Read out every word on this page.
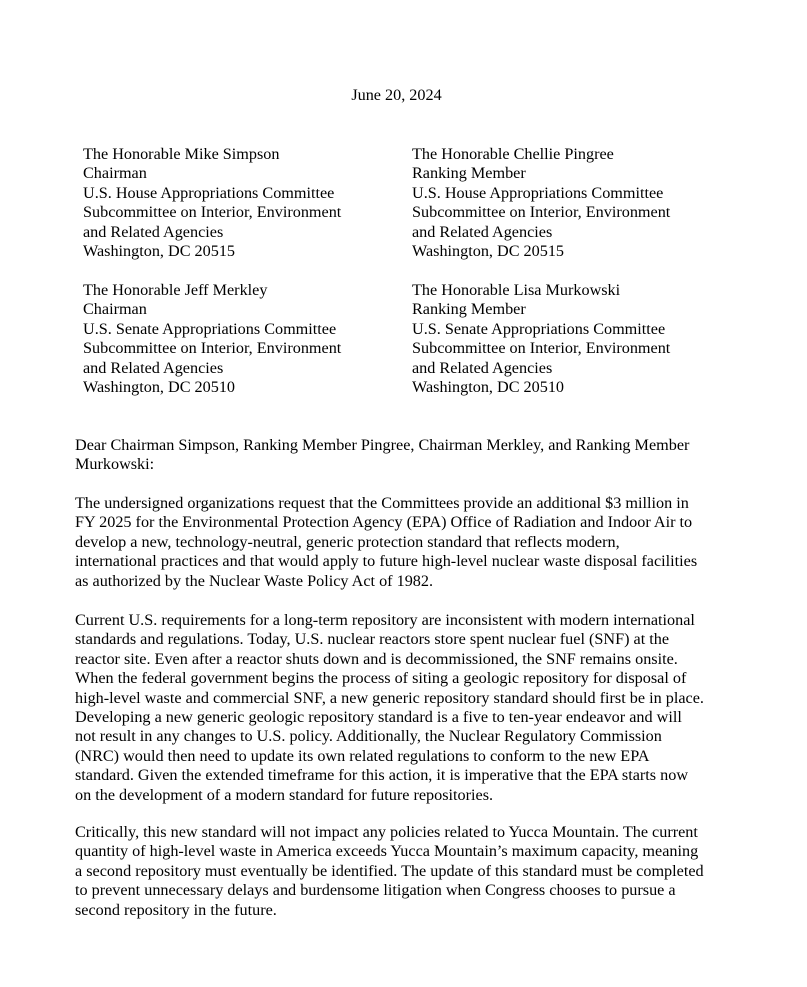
June 20, 2024
The Honorable Mike Simpson
Chairman
U.S. House Appropriations Committee
Subcommittee on Interior, Environment
and Related Agencies
Washington, DC 20515
The Honorable Chellie Pingree
Ranking Member
U.S. House Appropriations Committee
Subcommittee on Interior, Environment
and Related Agencies
Washington, DC 20515
The Honorable Jeff Merkley
Chairman
U.S. Senate Appropriations Committee
Subcommittee on Interior, Environment
and Related Agencies
Washington, DC 20510
The Honorable Lisa Murkowski
Ranking Member
U.S. Senate Appropriations Committee
Subcommittee on Interior, Environment
and Related Agencies
Washington, DC 20510
Dear Chairman Simpson, Ranking Member Pingree, Chairman Merkley, and Ranking Member
Murkowski:
The undersigned organizations request that the Committees provide an additional $3 million in
FY 2025 for the Environmental Protection Agency (EPA) Office of Radiation and Indoor Air to
develop a new, technology-neutral, generic protection standard that reflects modern,
international practices and that would apply to future high-level nuclear waste disposal facilities
as authorized by the Nuclear Waste Policy Act of 1982.
Current U.S. requirements for a long-term repository are inconsistent with modern international
standards and regulations. Today, U.S. nuclear reactors store spent nuclear fuel (SNF) at the
reactor site. Even after a reactor shuts down and is decommissioned, the SNF remains onsite.
When the federal government begins the process of siting a geologic repository for disposal of
high-level waste and commercial SNF, a new generic repository standard should first be in place.
Developing a new generic geologic repository standard is a five to ten-year endeavor and will
not result in any changes to U.S. policy. Additionally, the Nuclear Regulatory Commission
(NRC) would then need to update its own related regulations to conform to the new EPA
standard. Given the extended timeframe for this action, it is imperative that the EPA starts now
on the development of a modern standard for future repositories.
Critically, this new standard will not impact any policies related to Yucca Mountain. The current
quantity of high-level waste in America exceeds Yucca Mountain’s maximum capacity, meaning
a second repository must eventually be identified. The update of this standard must be completed
to prevent unnecessary delays and burdensome litigation when Congress chooses to pursue a
second repository in the future.
